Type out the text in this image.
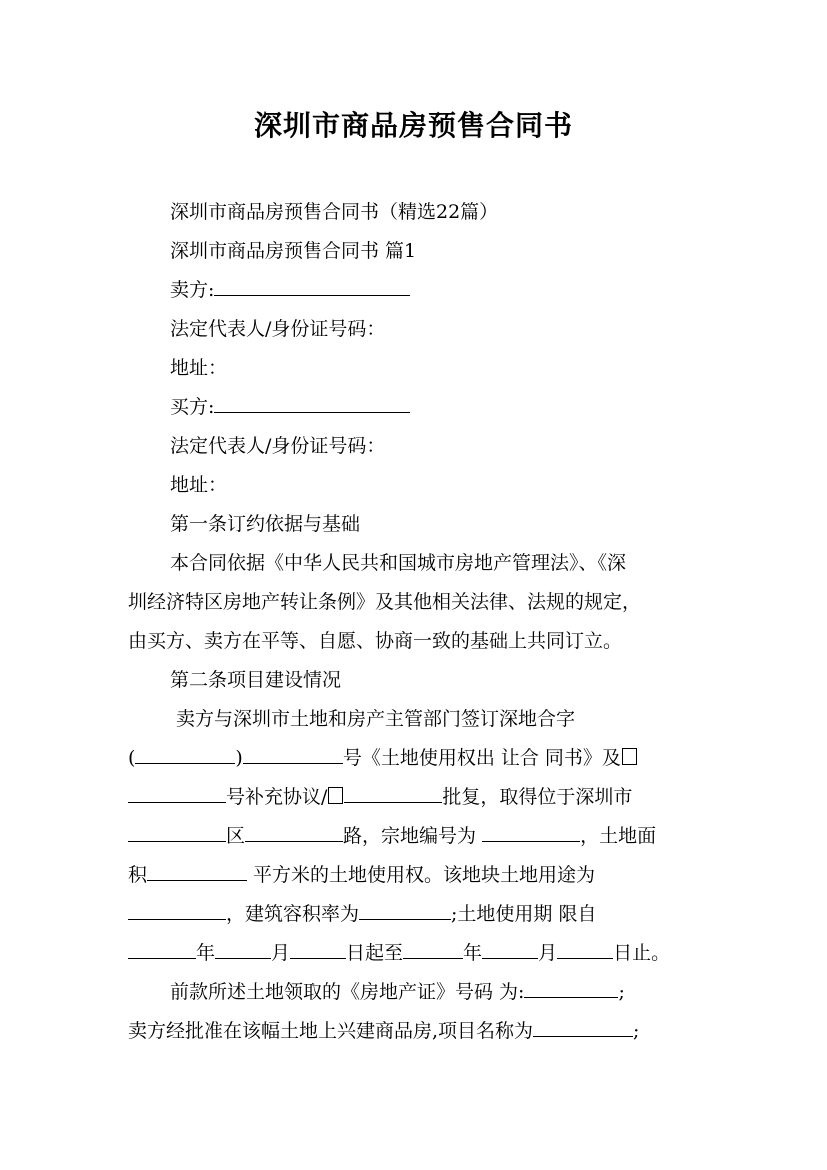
深圳市商品房预售合同书
深圳市商品房预售合同书（精选22篇）
深圳市商品房预售合同书 篇1
卖方:
法定代表人/身份证号码：
地址：
买方:
法定代表人/身份证号码：
地址：
第一条订约依据与基础
本合同依据《中华人民共和国城市房地产管理法》、《深
圳经济特区房地产转让条例》及其他相关法律、法规的规定，
由买方、卖方在平等、自愿、协商一致的基础上共同订立。
第二条项目建设情况
卖方与深圳市土地和房产主管部门签订深地合字
(	)	号《土地使用权出 让合 同书》及
号补充协议/	批复，取得位于深圳市
区	路，宗地编号为	，土地面
积	平方米的土地使用权。该地块土地用途为
，建筑容积率为	;土地使用期 限自
年	月	日起至	年	月	日止。
前款所述土地领取的《房地产证》号码 为:	;
卖方经批准在该幅土地上兴建商品房,项目名称为	;
